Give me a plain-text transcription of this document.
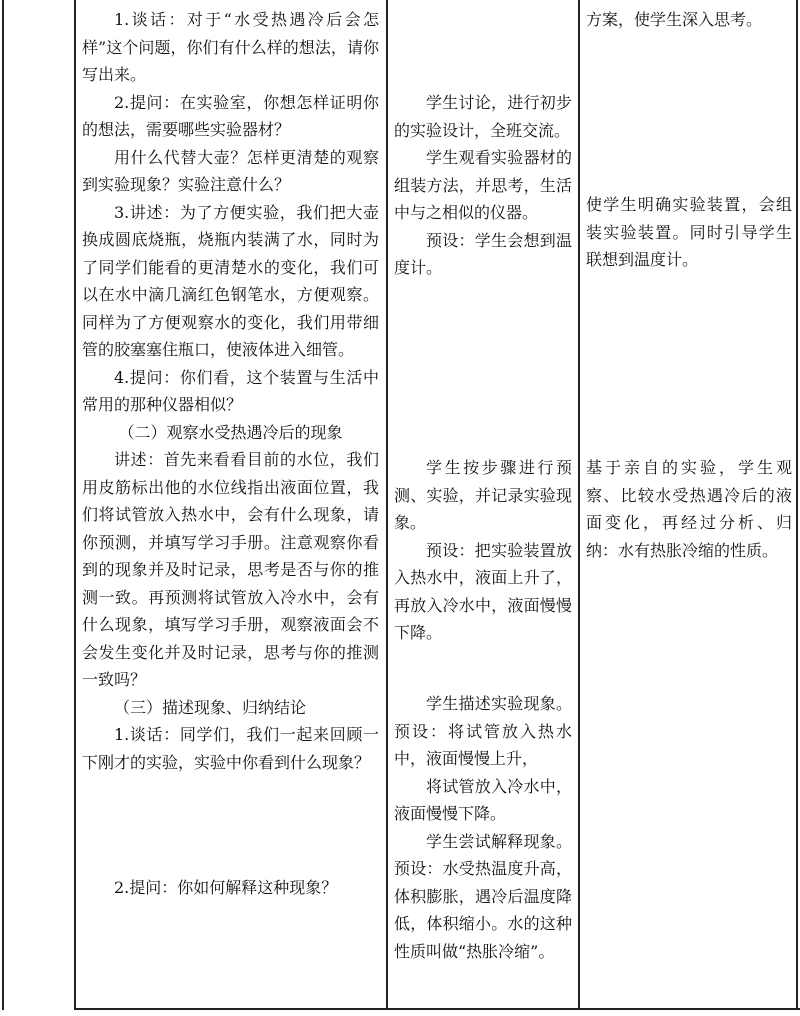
1.谈话：对于“水受热遇冷后会怎样”这个问题，你们有什么样的想法，请你写出来。

2.提问：在实验室，你想怎样证明你的想法，需要哪些实验器材？

用什么代替大壶？怎样更清楚的观察到实验现象？实验注意什么？

3.讲述：为了方便实验，我们把大壶换成圆底烧瓶，烧瓶内装满了水，同时为了同学们能看的更清楚水的变化，我们可以在水中滴几滴红色钢笔水，方便观察。同样为了方便观察水的变化，我们用带细管的胶塞塞住瓶口，使液体进入细管。

4.提问：你们看，这个装置与生活中常用的那种仪器相似？

（二）观察水受热遇冷后的现象

讲述：首先来看看目前的水位，我们用皮筋标出他的水位线指出液面位置，我们将试管放入热水中，会有什么现象，请你预测，并填写学习手册。注意观察你看到的现象并及时记录，思考是否与你的推测一致。再预测将试管放入冷水中，会有什么现象，填写学习手册，观察液面会不会发生变化并及时记录，思考与你的推测一致吗？

（三）描述现象、归纳结论

1.谈话：同学们，我们一起来回顾一下刚才的实验，实验中你看到什么现象？

2.提问：你如何解释这种现象？

学生讨论，进行初步的实验设计，全班交流。

学生观看实验器材的组装方法，并思考，生活中与之相似的仪器。

预设：学生会想到温度计。

学生按步骤进行预测、实验，并记录实验现象。

预设：把实验装置放入热水中，液面上升了，再放入冷水中，液面慢慢下降。

学生描述实验现象。预设：将试管放入热水中，液面慢慢上升，

将试管放入冷水中，液面慢慢下降。

学生尝试解释现象。预设：水受热温度升高，体积膨胀，遇冷后温度降低，体积缩小。水的这种性质叫做“热胀冷缩”。

方案，使学生深入思考。
使学生明确实验装置，会组装实验装置。同时引导学生联想到温度计。
基于亲自的实验，学生观察、比较水受热遇冷后的液面变化，再经过分析、归纳：水有热胀冷缩的性质。
